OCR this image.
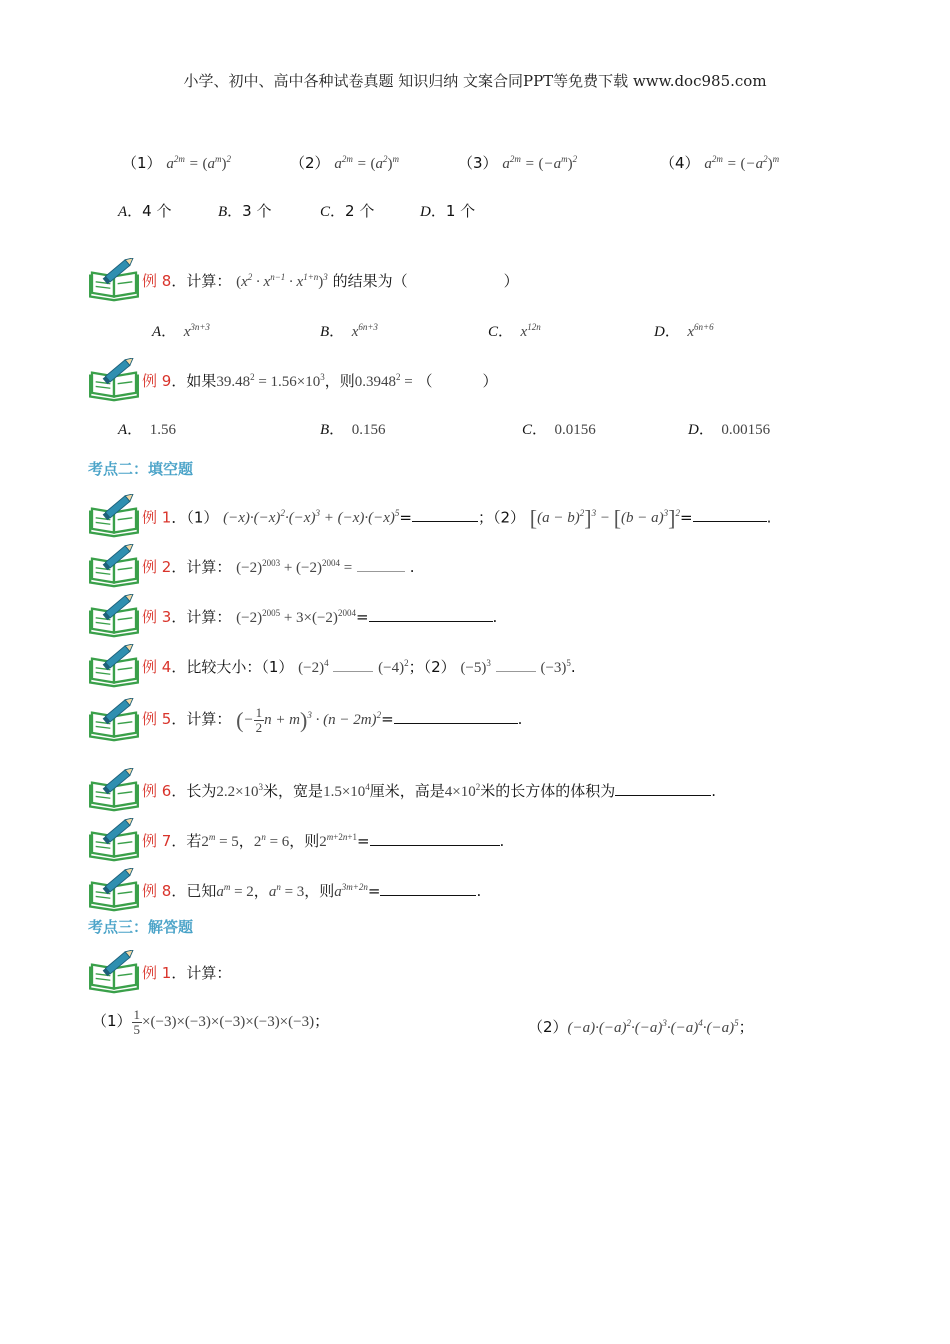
小学、初中、高中各种试卷真题 知识归纳 文案合同PPT等免费下载 www.doc985.com
（1） $a^{2m} = (a^m)^2$	（2） $a^{2m} = (a^2)^m$	（3） $a^{2m} = (-a^m)^2$	（4） $a^{2m} = (-a^2)^m$
A．4 个	B．3 个	C．2 个	D．1 个
例 8．计算： $(x^2 \cdot x^{n-1} \cdot x^{1+n})^3$ 的结果为（	）
A．  $x^{3n+3}$	B．  $x^{6n+3}$	C．  $x^{12n}$	D．  $x^{6n+6}$
例 9．如果$39.48^2 = 1.56\times 10^3$，则$0.3948^2$ = （	）
A．  1.56	B．  0.156	C．  0.0156	D．  0.00156
考点二：填空题
例 1．（1） $(-x)\cdot(-x)^2\cdot(-x)^3 + (-x)\cdot(-x)^5=$	；（2） $[(a - b)^2]^3 - [(b - a)^3]^2=$	.
例 2．计算： $(-2)^{2003} + (-2)^{2004}$ =	.
例 3．计算： $(-2)^{2005} + 3\times(-2)^{2004}=$	.
例 4．比较大小：（1） $(-2)^4$	$(-4)^2$；（2） $(-5)^3$	$(-3)^5$.
例 5．计算： (− $\frac{1}{2}$ $n + m)^3 \cdot (n - 2m)^2=$	.
例 6．长为$2.2\times 10^3$米，宽是$1.5\times 10^4$厘米，高是$4\times 10^2$米的长方体的体积为	.
例 7．若$2^m = 5$，$2^n = 6$，则$2^{m+2n+1}=$	.
例 8．已知$a^m = 2$，$a^n = 3$，则$a^{3m+2n}=$	.
考点三：解答题
例 1．计算：
$(1) \frac{1}{5} \times(-3)\times(-3)\times(-3)\times(-3)\times(-3)$；	$(2)(-a)\cdot(-a)^2\cdot(-a)^3\cdot(-a)^4\cdot(-a)^5$；
